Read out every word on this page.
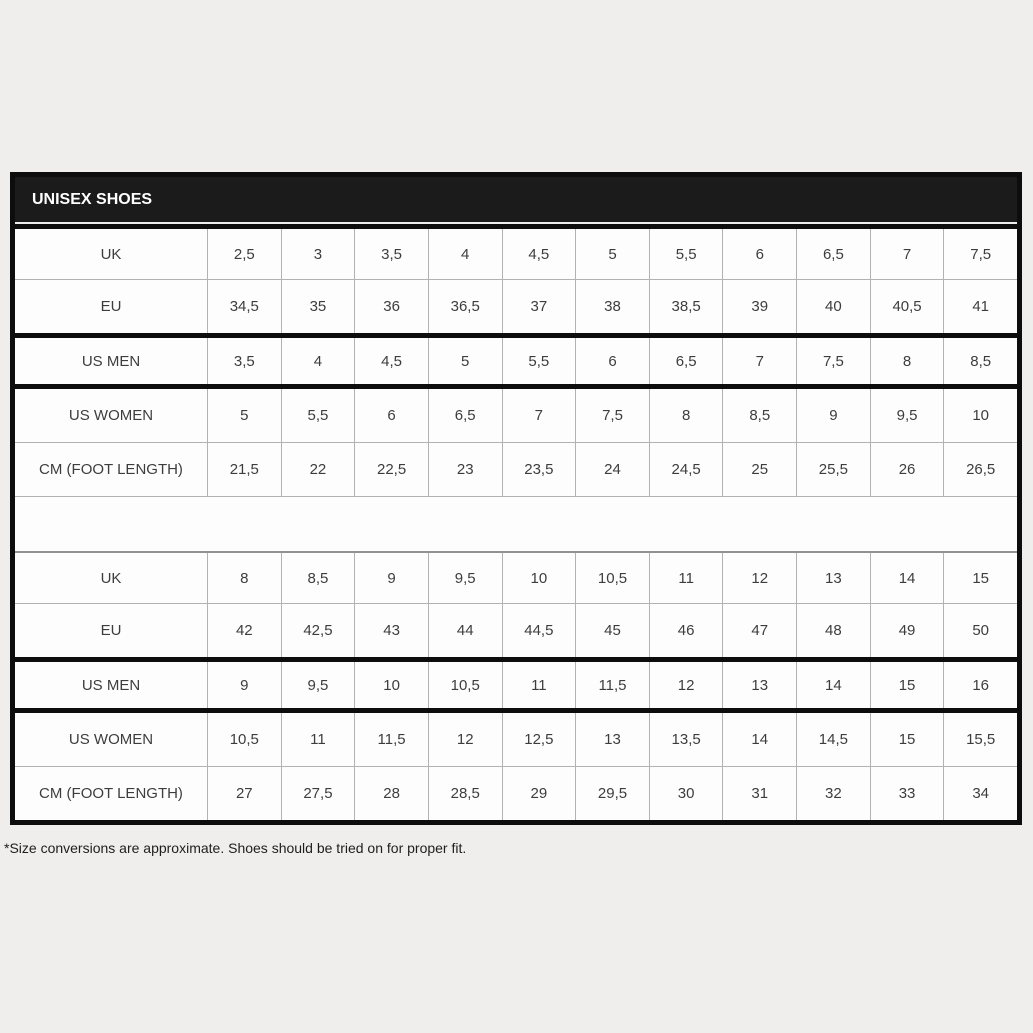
UNISEX SHOES
UK	2,5	3	3,5	4	4,5	5	5,5	6	6,5	7	7,5
EU	34,5	35	36	36,5	37	38	38,5	39	40	40,5	41
US MEN	3,5	4	4,5	5	5,5	6	6,5	7	7,5	8	8,5
US WOMEN	5	5,5	6	6,5	7	7,5	8	8,5	9	9,5	10
CM (FOOT LENGTH)	21,5	22	22,5	23	23,5	24	24,5	25	25,5	26	26,5
UK	8	8,5	9	9,5	10	10,5	11	12	13	14	15
EU	42	42,5	43	44	44,5	45	46	47	48	49	50
US MEN	9	9,5	10	10,5	11	11,5	12	13	14	15	16
US WOMEN	10,5	11	11,5	12	12,5	13	13,5	14	14,5	15	15,5
CM (FOOT LENGTH)	27	27,5	28	28,5	29	29,5	30	31	32	33	34

*Size conversions are approximate. Shoes should be tried on for proper fit.
